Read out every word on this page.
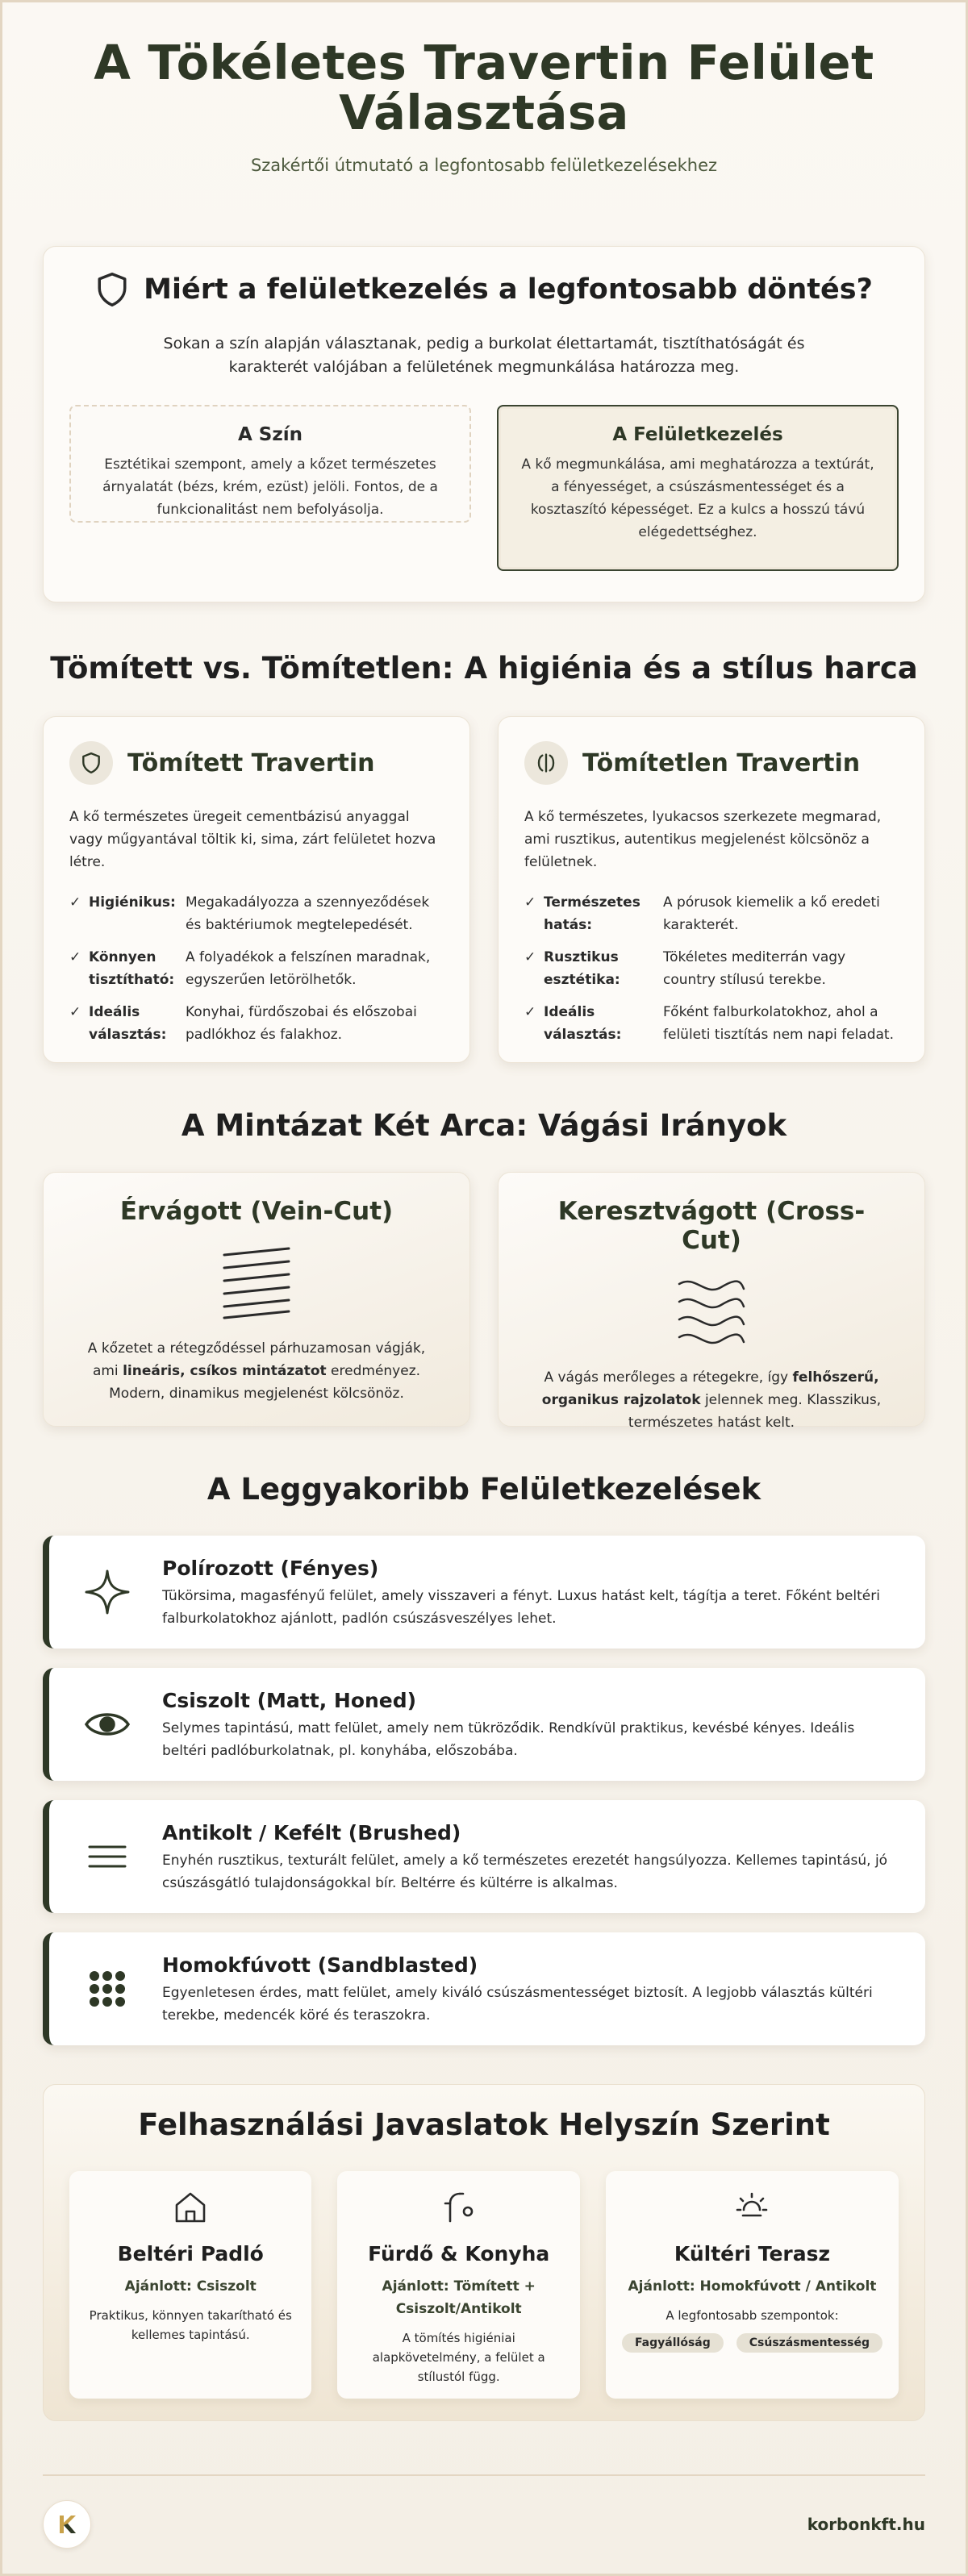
A Tökéletes Travertin Felület Választása

Szakértői útmutató a legfontosabb felületkezelésekhez

Miért a felületkezelés a legfontosabb döntés?

Sokan a szín alapján választanak, pedig a burkolat élettartamát, tisztíthatóságát és karakterét valójában a felületének megmunkálása határozza meg.

A Szín

Esztétikai szempont, amely a kőzet természetes árnyalatát (bézs, krém, ezüst) jelöli. Fontos, de a funkcionalitást nem befolyásolja.

A Felületkezelés

A kő megmunkálása, ami meghatározza a textúrát, a fényességet, a csúszásmentességet és a kosztaszító képességet. Ez a kulcs a hosszú távú elégedettséghez.

Tömített vs. Tömítetlen: A higiénia és a stílus harca
Tömített Travertin

A kő természetes üregeit cementbázisú anyaggal vagy műgyantával töltik ki, sima, zárt felületet hozva létre.

✓ Higiénikus: Megakadályozza a szennyeződések és baktériumok megtelepedését.
✓ Könnyen tisztítható:
A folyadékok a felszínen maradnak, egyszerűen letörölhetők.
✓ Ideális választás:
Konyhai, fürdőszobai és előszobai padlókhoz és falakhoz.
Tömítetlen Travertin

A kő természetes, lyukacsos szerkezete megmarad, ami rusztikus, autentikus megjelenést kölcsönöz a felületnek.

✓ Természetes hatás:
A pórusok kiemelik a kő eredeti karakterét.
✓ Rusztikus esztétika:
Tökéletes mediterrán vagy country stílusú terekbe.
✓ Ideális választás:
Főként falburkolatokhoz, ahol a felületi tisztítás nem napi feladat.
A Mintázat Két Arca: Vágási Irányok
Érvágott (Vein-Cut)

A kőzetet a rétegződéssel párhuzamosan vágják, ami lineáris, csíkos mintázatot eredményez. Modern, dinamikus megjelenést kölcsönöz.

Keresztvágott (Cross-Cut)

A vágás merőleges a rétegekre, így felhőszerű, organikus rajzolatok jelennek meg. Klasszikus, természetes hatást kelt.

A Leggyakoribb Felületkezelések
Polírozott (Fényes)

Tükörsima, magasfényű felület, amely visszaveri a fényt. Luxus hatást kelt, tágítja a teret. Főként beltéri falburkolatokhoz ajánlott, padlón csúszásveszélyes lehet.

Csiszolt (Matt, Honed)

Selymes tapintású, matt felület, amely nem tükröződik. Rendkívül praktikus, kevésbé kényes. Ideális beltéri padlóburkolatnak, pl. konyhába, előszobába.

Antikolt / Kefélt (Brushed)

Enyhén rusztikus, texturált felület, amely a kő természetes erezetét hangsúlyozza. Kellemes tapintású, jó csúszásgátló tulajdonságokkal bír. Beltérre és kültérre is alkalmas.

Homokfúvott (Sandblasted)

Egyenletesen érdes, matt felület, amely kiváló csúszásmentességet biztosít. A legjobb választás kültéri terekbe, medencék köré és teraszokra.

Felhasználási Javaslatok Helyszín Szerint
Beltéri Padló

Ajánlott: Csiszolt

Praktikus, könnyen takarítható és kellemes tapintású.

Fürdő & Konyha

Ajánlott: Tömített + Csiszolt/Antikolt

A tömítés higiéniai alapkövetelmény, a felület a stílustól függ.

Kültéri Terasz

Ajánlott: Homokfúvott / Antikolt

A legfontosabb szempontok:

Fagyállóság	Csúszásmentesség
korbonkft.hu
